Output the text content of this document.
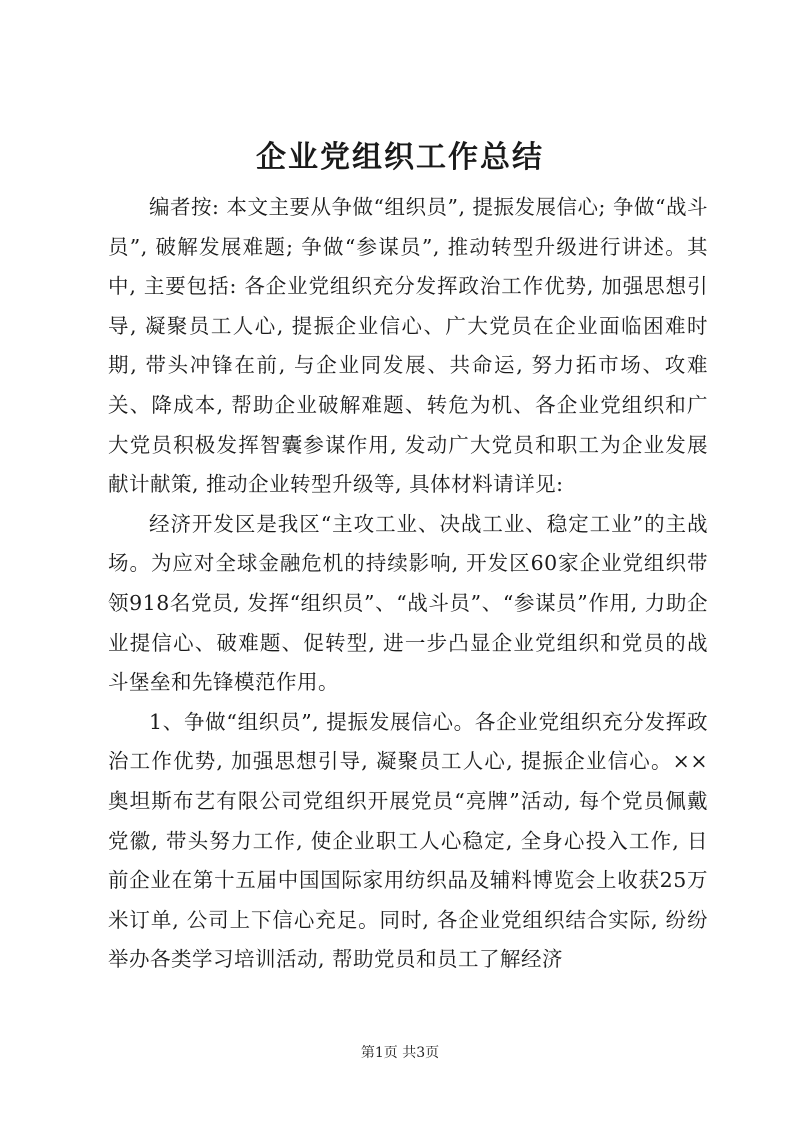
企业党组织工作总结

编者按: 本文主要从争做“组织员”, 提振发展信心; 争做“战斗员”, 破解发展难题; 争做“参谋员”, 推动转型升级进行讲述。其中, 主要包括: 各企业党组织充分发挥政治工作优势, 加强思想引导, 凝聚员工人心, 提振企业信心、广大党员在企业面临困难时期, 带头冲锋在前, 与企业同发展、共命运, 努力拓市场、攻难关、降成本, 帮助企业破解难题、转危为机、各企业党组织和广大党员积极发挥智囊参谋作用, 发动广大党员和职工为企业发展献计献策, 推动企业转型升级等, 具体材料请详见:

经济开发区是我区“主攻工业、决战工业、稳定工业”的主战场。为应对全球金融危机的持续影响, 开发区60家企业党组织带领918名党员, 发挥“组织员”、“战斗员”、“参谋员”作用, 力助企业提信心、破难题、促转型, 进一步凸显企业党组织和党员的战斗堡垒和先锋模范作用。

1、争做“组织员”, 提振发展信心。各企业党组织充分发挥政治工作优势, 加强思想引导, 凝聚员工人心, 提振企业信心。××奥坦斯布艺有限公司党组织开展党员“亮牌”活动, 每个党员佩戴党徽, 带头努力工作, 使企业职工人心稳定, 全身心投入工作, 日前企业在第十五届中国国际家用纺织品及辅料博览会上收获25万米订单, 公司上下信心充足。同时, 各企业党组织结合实际, 纷纷举办各类学习培训活动, 帮助党员和员工了解经济

第1页 共3页
